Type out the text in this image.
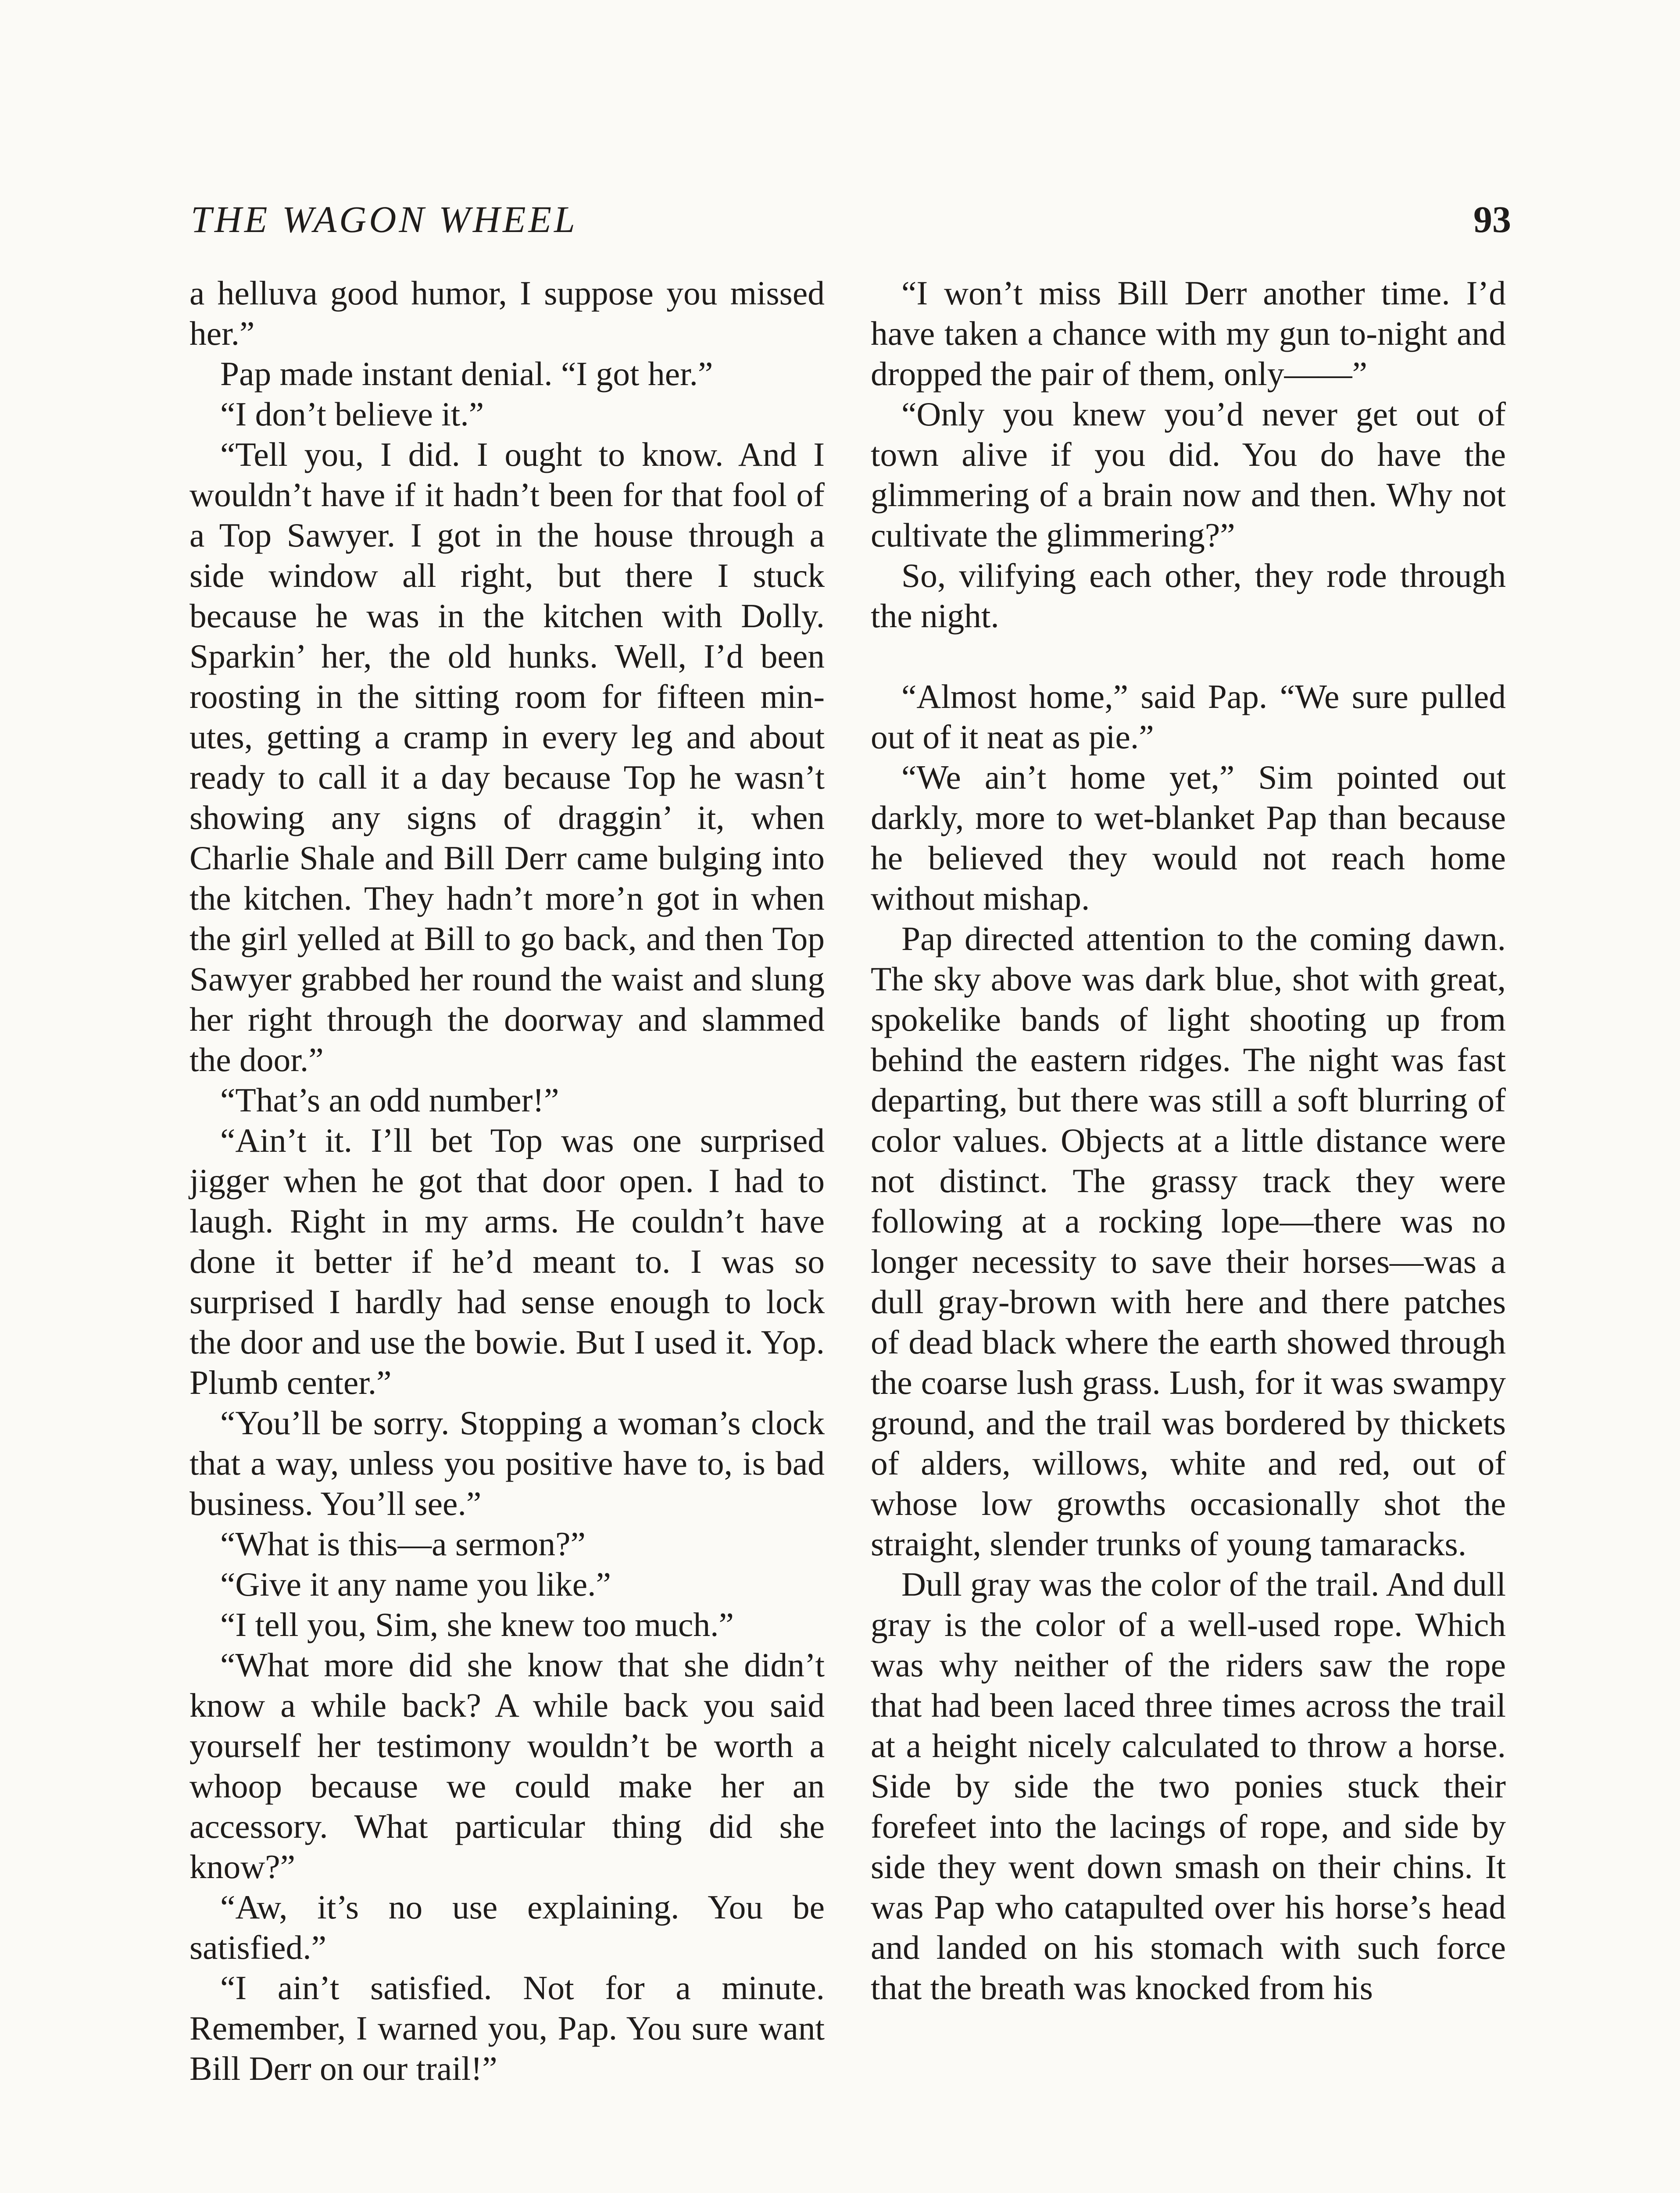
THE WAGON WHEEL	93

a helluva good humor, I suppose you missed her.”

Pap made instant denial. “I got her.”

“I don’t believe it.”

“Tell you, I did. I ought to know. And I wouldn’t have if it hadn’t been for that fool of a Top Sawyer. I got in the house through a side window all right, but there I stuck because he was in the kitchen with Dolly. Sparkin’ her, the old hunks. Well, I’d been roosting in the sitting room for fifteen minutes, getting a cramp in every leg and about ready to call it a day because Top he wasn’t showing any signs of draggin’ it, when Charlie Shale and Bill Derr came bulging into the kitchen. They hadn’t more’n got in when the girl yelled at Bill to go back, and then Top Sawyer grabbed her round the waist and slung her right through the doorway and slammed the door.”

“That’s an odd number!”

“Ain’t it. I’ll bet Top was one surprised jigger when he got that door open. I had to laugh. Right in my arms. He couldn’t have done it better if he’d meant to. I was so surprised I hardly had sense enough to lock the door and use the bowie. But I used it. Yop. Plumb center.”

“You’ll be sorry. Stopping a woman’s clock that a way, unless you positive have to, is bad business. You’ll see.”

“What is this—a sermon?”

“Give it any name you like.”

“I tell you, Sim, she knew too much.”

“What more did she know that she didn’t know a while back? A while back you said yourself her testimony wouldn’t be worth a whoop because we could make her an accessory. What particular thing did she know?”

“Aw, it’s no use explaining. You be satisfied.”

“I ain’t satisfied. Not for a minute. Remember, I warned you, Pap. You sure want Bill Derr on our trail!”

“I won’t miss Bill Derr another time. I’d have taken a chance with my gun to-night and dropped the pair of them, only——”

“Only you knew you’d never get out of town alive if you did. You do have the glimmering of a brain now and then. Why not cultivate the glimmering?”

So, vilifying each other, they rode through the night.

“Almost home,” said Pap. “We sure pulled out of it neat as pie.”

“We ain’t home yet,” Sim pointed out darkly, more to wet-blanket Pap than because he believed they would not reach home without mishap.

Pap directed attention to the coming dawn. The sky above was dark blue, shot with great, spokelike bands of light shooting up from behind the eastern ridges. The night was fast departing, but there was still a soft blurring of color values. Objects at a little distance were not distinct. The grassy track they were following at a rocking lope—there was no longer necessity to save their horses—was a dull gray-brown with here and there patches of dead black where the earth showed through the coarse lush grass. Lush, for it was swampy ground, and the trail was bordered by thickets of alders, willows, white and red, out of whose low growths occasionally shot the straight, slender trunks of young tamaracks.

Dull gray was the color of the trail. And dull gray is the color of a well-used rope. Which was why neither of the riders saw the rope that had been laced three times across the trail at a height nicely calculated to throw a horse. Side by side the two ponies stuck their forefeet into the lacings of rope, and side by side they went down smash on their chins. It was Pap who catapulted over his horse’s head and landed on his stomach with such force that the breath was knocked from his
